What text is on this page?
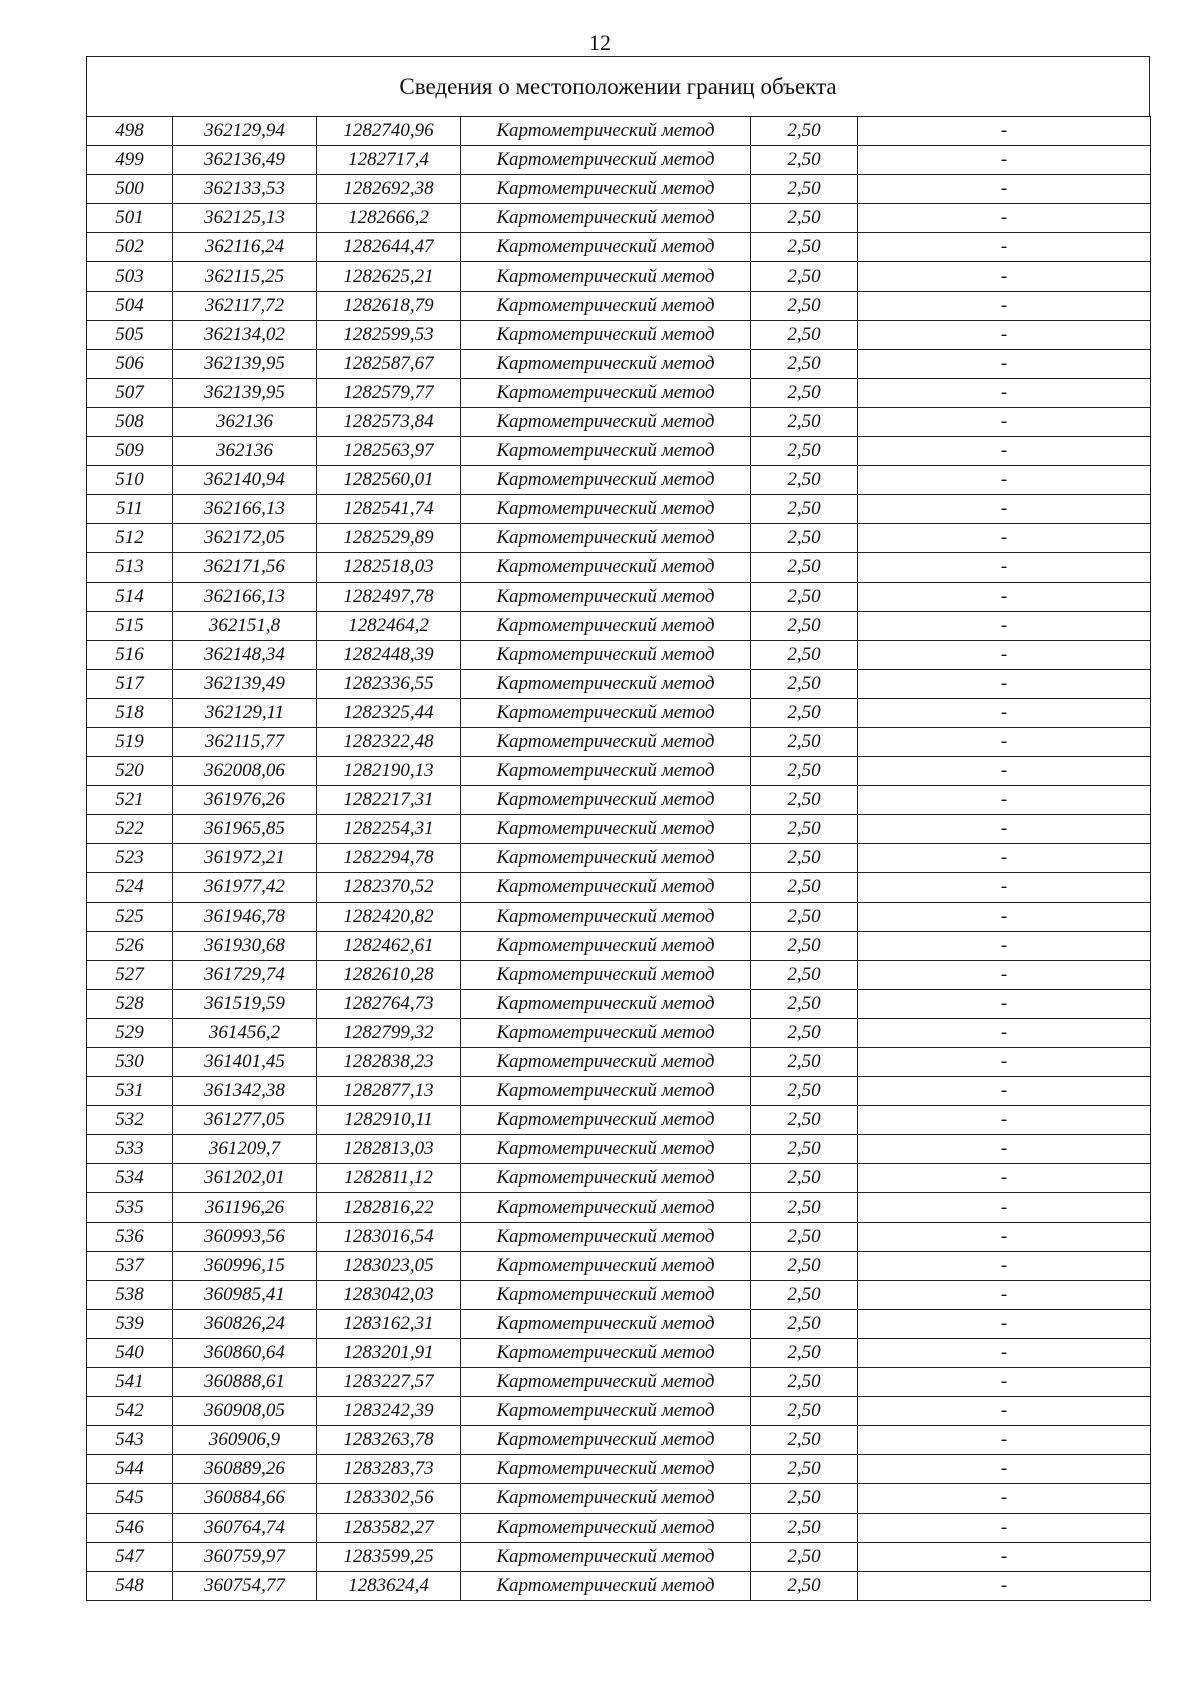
12
Сведения о местоположении границ объекта
498	362129,94	1282740,96	Картометрический метод	2,50	-
499	362136,49	1282717,4	Картометрический метод	2,50	-
500	362133,53	1282692,38	Картометрический метод	2,50	-
501	362125,13	1282666,2	Картометрический метод	2,50	-
502	362116,24	1282644,47	Картометрический метод	2,50	-
503	362115,25	1282625,21	Картометрический метод	2,50	-
504	362117,72	1282618,79	Картометрический метод	2,50	-
505	362134,02	1282599,53	Картометрический метод	2,50	-
506	362139,95	1282587,67	Картометрический метод	2,50	-
507	362139,95	1282579,77	Картометрический метод	2,50	-
508	362136	1282573,84	Картометрический метод	2,50	-
509	362136	1282563,97	Картометрический метод	2,50	-
510	362140,94	1282560,01	Картометрический метод	2,50	-
511	362166,13	1282541,74	Картометрический метод	2,50	-
512	362172,05	1282529,89	Картометрический метод	2,50	-
513	362171,56	1282518,03	Картометрический метод	2,50	-
514	362166,13	1282497,78	Картометрический метод	2,50	-
515	362151,8	1282464,2	Картометрический метод	2,50	-
516	362148,34	1282448,39	Картометрический метод	2,50	-
517	362139,49	1282336,55	Картометрический метод	2,50	-
518	362129,11	1282325,44	Картометрический метод	2,50	-
519	362115,77	1282322,48	Картометрический метод	2,50	-
520	362008,06	1282190,13	Картометрический метод	2,50	-
521	361976,26	1282217,31	Картометрический метод	2,50	-
522	361965,85	1282254,31	Картометрический метод	2,50	-
523	361972,21	1282294,78	Картометрический метод	2,50	-
524	361977,42	1282370,52	Картометрический метод	2,50	-
525	361946,78	1282420,82	Картометрический метод	2,50	-
526	361930,68	1282462,61	Картометрический метод	2,50	-
527	361729,74	1282610,28	Картометрический метод	2,50	-
528	361519,59	1282764,73	Картометрический метод	2,50	-
529	361456,2	1282799,32	Картометрический метод	2,50	-
530	361401,45	1282838,23	Картометрический метод	2,50	-
531	361342,38	1282877,13	Картометрический метод	2,50	-
532	361277,05	1282910,11	Картометрический метод	2,50	-
533	361209,7	1282813,03	Картометрический метод	2,50	-
534	361202,01	1282811,12	Картометрический метод	2,50	-
535	361196,26	1282816,22	Картометрический метод	2,50	-
536	360993,56	1283016,54	Картометрический метод	2,50	-
537	360996,15	1283023,05	Картометрический метод	2,50	-
538	360985,41	1283042,03	Картометрический метод	2,50	-
539	360826,24	1283162,31	Картометрический метод	2,50	-
540	360860,64	1283201,91	Картометрический метод	2,50	-
541	360888,61	1283227,57	Картометрический метод	2,50	-
542	360908,05	1283242,39	Картометрический метод	2,50	-
543	360906,9	1283263,78	Картометрический метод	2,50	-
544	360889,26	1283283,73	Картометрический метод	2,50	-
545	360884,66	1283302,56	Картометрический метод	2,50	-
546	360764,74	1283582,27	Картометрический метод	2,50	-
547	360759,97	1283599,25	Картометрический метод	2,50	-
548	360754,77	1283624,4	Картометрический метод	2,50	-
